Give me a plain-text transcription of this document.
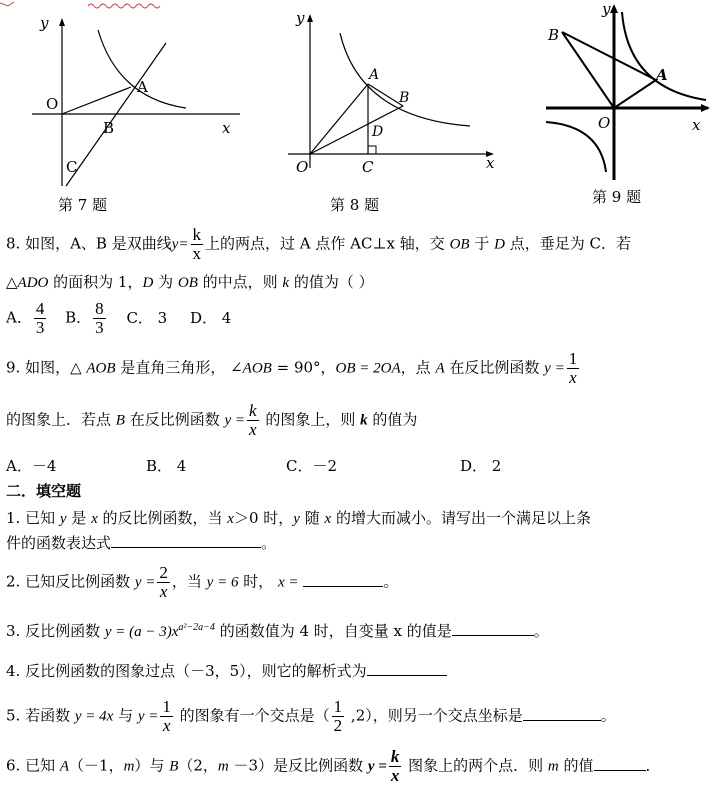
y
x
O
A
B
C
第 7 题
y
x
O
A
B
C
D
第 8 题
y
x
O
A
B
第 9 题
8. 如图，A、B 是双曲线$y= \frac{k}{x}$ 上的两点，过 A 点作 AC⊥x 轴，交 OB 于 D 点，垂足为 C．若
△ADO 的面积为 1，D 为 OB 的中点，则 k 的值为（ ）
A． $\frac{4}{3}$ B． $\frac{8}{3}$ C． 3 D． 4
9. 如图，△ AOB 是直角三角形， ∠AOB = 90°，OB = 2OA，点 A 在反比例函数 $y = \frac{1}{x}$
的图象上．若点 B 在反比例函数 $y = \frac{k}{x}$ 的图象上，则 k 的值为
A．－4	B． 4	C．－2	D． 2
二．填空题
1. 已知 y 是 x 的反比例函数，当 x＞0 时，y 随 x 的增大而减小。请写出一个满足以上条
件的函数表达式	。
2. 已知反比例函数 $y = \frac{2}{x}$ ，当 y = 6 时， x =	。
3. 反比例函数 $y = (a - 3)x^{a^2-2a-4}$ 的函数值为 4 时，自变量 x 的值是	。
4. 反比例函数的图象过点（－3，5），则它的解析式为
5. 若函数 y = 4x 与 $y = \frac{1}{x}$ 的图象有一个交点是（ $\frac{1}{2} ,2$），则另一个交点坐标是	。
6. 已知 A（－1，m）与 B（2，m －3）是反比例函数 $y = \frac{k}{x}$ 图象上的两个点．则 m 的值	．
